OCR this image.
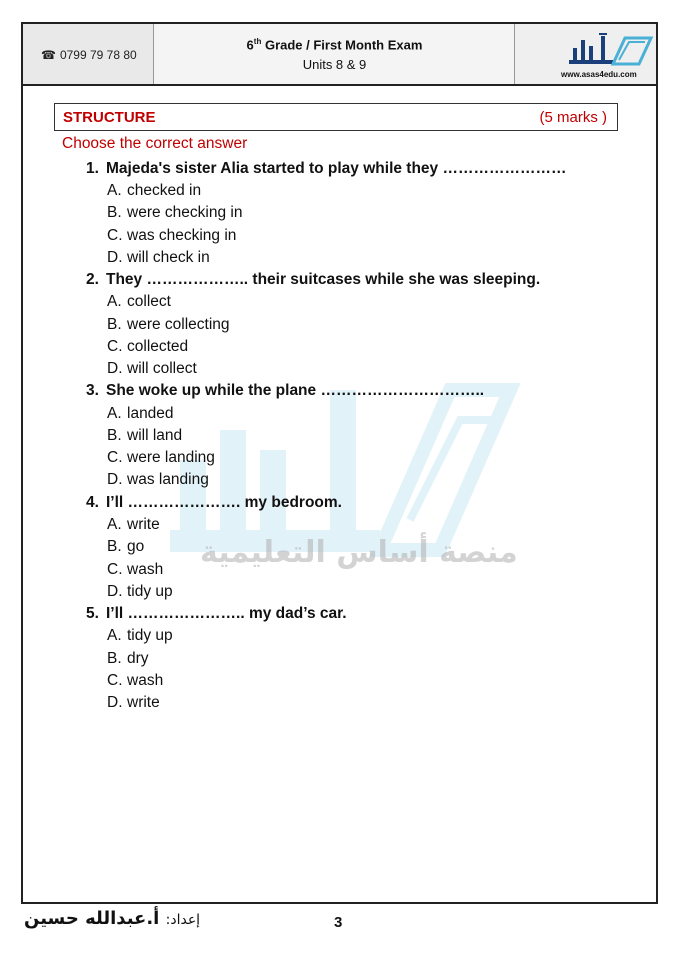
☎ 0799 79 78 80
6th Grade / First Month Exam
Units 8 & 9
www.asas4edu.com
منصة أساس التعليمية
STRUCTURE	(5 marks )
Choose the correct answer
1. Majeda's sister Alia started to play while they ……………………
A. checked in
B. were checking in
C. was checking in
D. will check in
2. They ……………….. their suitcases while she was sleeping.
A. collect
B. were collecting
C. collected
D. will collect
3. She woke up while the plane …………………………..
A. landed
B. will land
C. were landing
D. was landing
4. I’ll …………………. my bedroom.
A. write
B. go
C. wash
D. tidy up
5. I’ll ………………….. my dad’s car.
A. tidy up
B. dry
C. wash
D. write
إعداد: أ.عبدالله حسين	3
